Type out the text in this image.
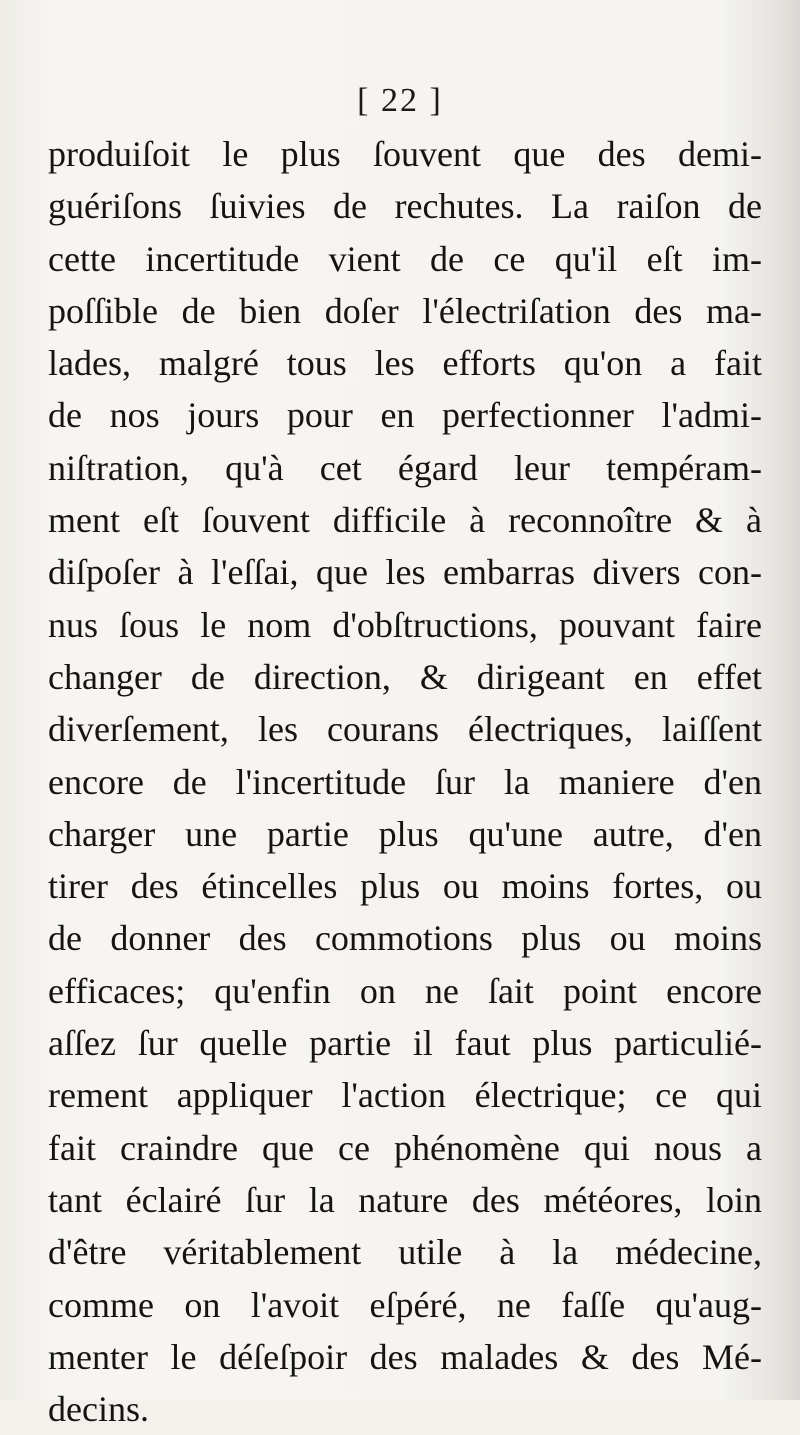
[ 22 ]
produiſoit le plus ſouvent que des demi-
guériſons ſuivies de rechutes. La raiſon de
cette incertitude vient de ce qu'il eſt im-
poſſible de bien doſer l'électriſation des ma-
lades, malgré tous les efforts qu'on a fait
de nos jours pour en perfectionner l'admi-
niſtration, qu'à cet égard leur tempéram-
ment eſt ſouvent difficile à reconnoître & à
diſpoſer à l'eſſai, que les embarras divers con-
nus ſous le nom d'obſtructions, pouvant faire
changer de direction, & dirigeant en effet
diverſement, les courans électriques, laiſſent
encore de l'incertitude ſur la maniere d'en
charger une partie plus qu'une autre, d'en
tirer des étincelles plus ou moins fortes, ou
de donner des commotions plus ou moins
efficaces; qu'enfin on ne ſait point encore
aſſez ſur quelle partie il faut plus particulié-
rement appliquer l'action électrique; ce qui
fait craindre que ce phénomène qui nous a
tant éclairé ſur la nature des météores, loin
d'être véritablement utile à la médecine,
comme on l'avoit eſpéré, ne faſſe qu'aug-
menter le déſeſpoir des malades & des Mé-
decins.
